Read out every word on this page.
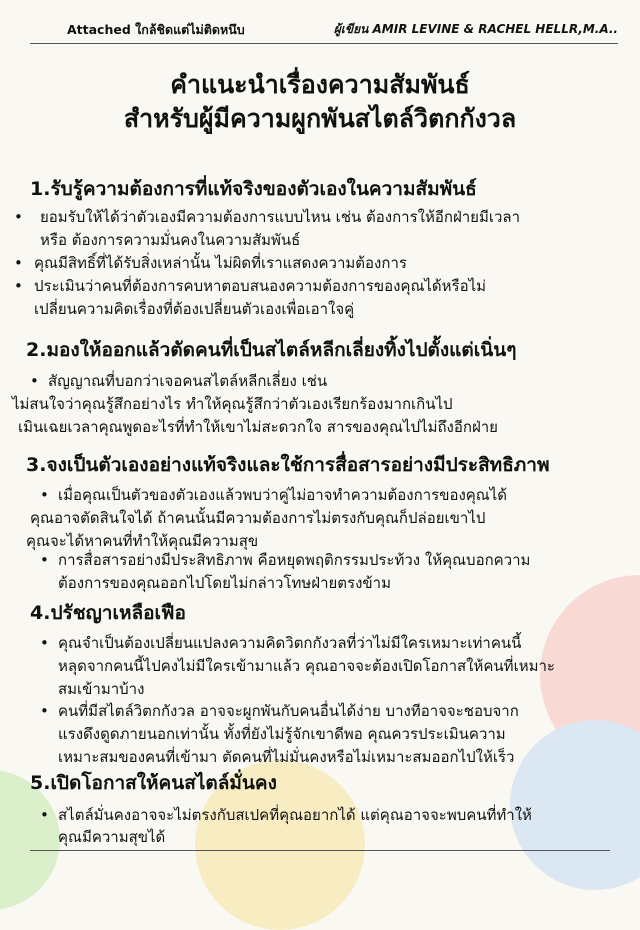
Attached ใกล้ชิดแต่ไม่ติดหนึบ	ผู้เขียน AMIR LEVINE & RACHEL HELLR,M.A..
คำแนะนำเรื่องความสัมพันธ์
สำหรับผู้มีความผูกพันสไตล์วิตกกังวล
1.รับรู้ความต้องการที่แท้จริงของตัวเองในความสัมพันธ์
• ยอมรับให้ได้ว่าตัวเองมีความต้องการแบบไหน เช่น ต้องการให้อีกฝ่ายมีเวลา
หรือ ต้องการความมั่นคงในความสัมพันธ์
• คุณมีสิทธิ์ที่ได้รับสิ่งเหล่านั้น ไม่ผิดที่เราแสดงความต้องการ
• ประเมินว่าคนที่ต้องการคบหาตอบสนองความต้องการของคุณได้หรือไม่
เปลี่ยนความคิดเรื่องที่ต้องเปลี่ยนตัวเองเพื่อเอาใจคู่
2.มองให้ออกแล้วตัดคนที่เป็นสไตล์หลีกเลี่ยงทิ้งไปตั้งแต่เนิ่นๆ
• สัญญาณที่บอกว่าเจอคนสไตล์หลีกเลี่ยง เช่น
ไม่สนใจว่าคุณรู้สึกอย่างไร ทำให้คุณรู้สึกว่าตัวเองเรียกร้องมากเกินไป
เมินเฉยเวลาคุณพูดอะไรที่ทำให้เขาไม่สะดวกใจ สารของคุณไปไม่ถึงอีกฝ่าย
3.จงเป็นตัวเองอย่างแท้จริงและใช้การสื่อสารอย่างมีประสิทธิภาพ
• เมื่อคุณเป็นตัวของตัวเองแล้วพบว่าคู่ไม่อาจทำความต้องการของคุณได้
คุณอาจตัดสินใจได้ ถ้าคนนั้นมีความต้องการไม่ตรงกับคุณก็ปล่อยเขาไป
คุณจะได้หาคนที่ทำให้คุณมีความสุข
• การสื่อสารอย่างมีประสิทธิภาพ คือหยุดพฤติกรรมประท้วง ให้คุณบอกความ
ต้องการของคุณออกไปโดยไม่กล่าวโทษฝ่ายตรงข้าม
4.ปรัชญาเหลือเฟือ
• คุณจำเป็นต้องเปลี่ยนแปลงความคิดวิตกกังวลที่ว่าไม่มีใครเหมาะเท่าคนนี้
หลุดจากคนนี้ไปคงไม่มีใครเข้ามาแล้ว คุณอาจจะต้องเปิดโอกาสให้คนที่เหมาะ
สมเข้ามาบ้าง
• คนที่มีสไตล์วิตกกังวล อาจจะผูกพันกับคนอื่นได้ง่าย บางทีอาจจะชอบจาก
แรงดึงดูดภายนอกเท่านั้น ทั้งที่ยังไม่รู้จักเขาดีพอ คุณควรประเมินความ
เหมาะสมของคนที่เข้ามา ตัดคนที่ไม่มั่นคงหรือไม่เหมาะสมออกไปให้เร็ว
5.เปิดโอกาสให้คนสไตล์มั่นคง
• สไตล์มั่นคงอาจจะไม่ตรงกับสเปคที่คุณอยากได้ แต่คุณอาจจะพบคนที่ทำให้
คุณมีความสุขได้
